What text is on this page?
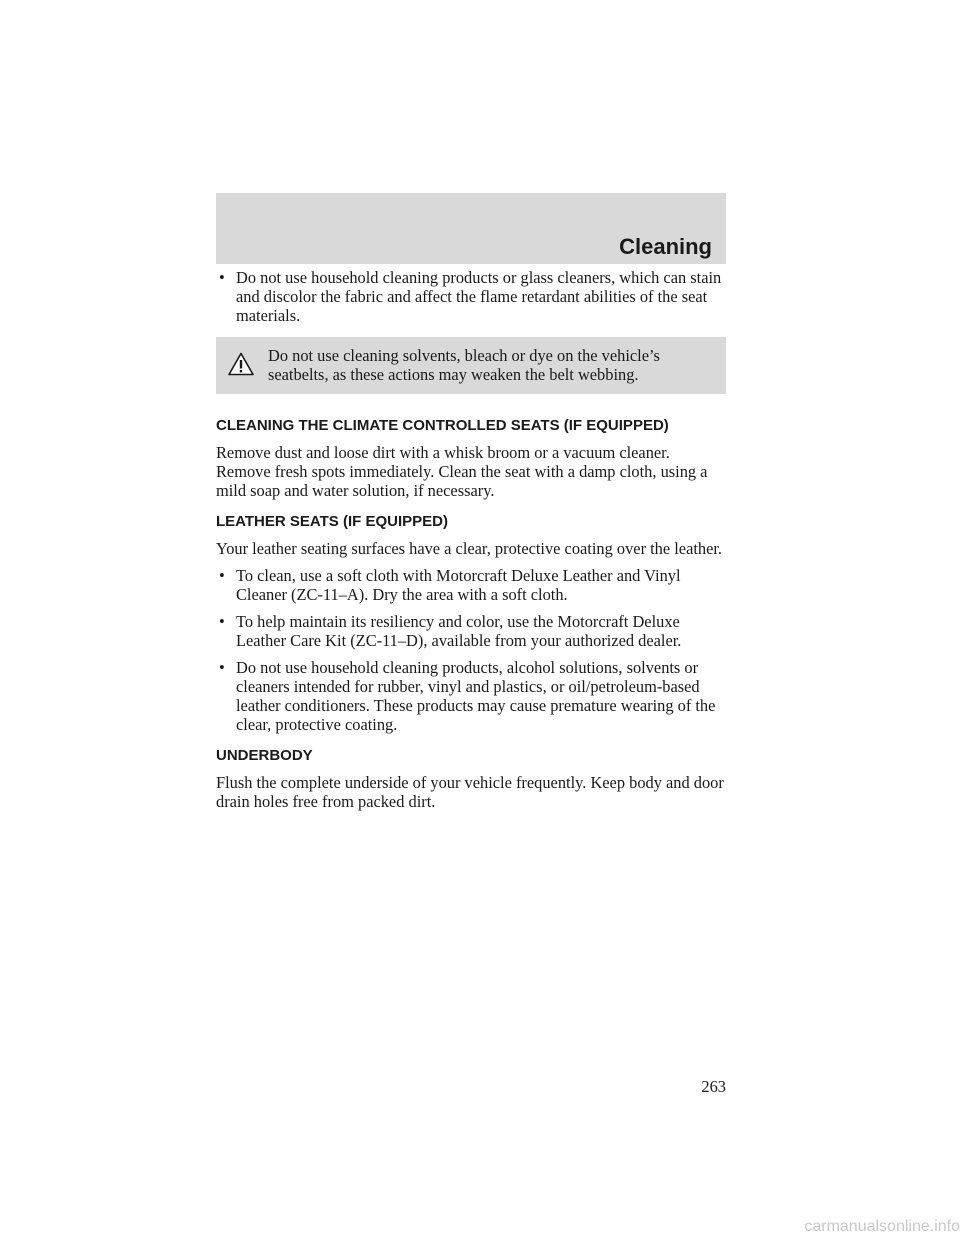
Cleaning
• Do not use household cleaning products or glass cleaners, which can stain and discolor the fabric and affect the flame retardant abilities of the seat materials.
Do not use cleaning solvents, bleach or dye on the vehicle’s seatbelts, as these actions may weaken the belt webbing.
CLEANING THE CLIMATE CONTROLLED SEATS (IF EQUIPPED)

Remove dust and loose dirt with a whisk broom or a vacuum cleaner. Remove fresh spots immediately. Clean the seat with a damp cloth, using a mild soap and water solution, if necessary.

LEATHER SEATS (IF EQUIPPED)

Your leather seating surfaces have a clear, protective coating over the leather.

• To clean, use a soft cloth with Motorcraft Deluxe Leather and Vinyl Cleaner (ZC-11–A). Dry the area with a soft cloth.
• To help maintain its resiliency and color, use the Motorcraft Deluxe Leather Care Kit (ZC-11–D), available from your authorized dealer.
• Do not use household cleaning products, alcohol solutions, solvents or cleaners intended for rubber, vinyl and plastics, or oil/petroleum-based leather conditioners. These products may cause premature wearing of the clear, protective coating.
UNDERBODY

Flush the complete underside of your vehicle frequently. Keep body and door drain holes free from packed dirt.

263
carmanualsonline.info
